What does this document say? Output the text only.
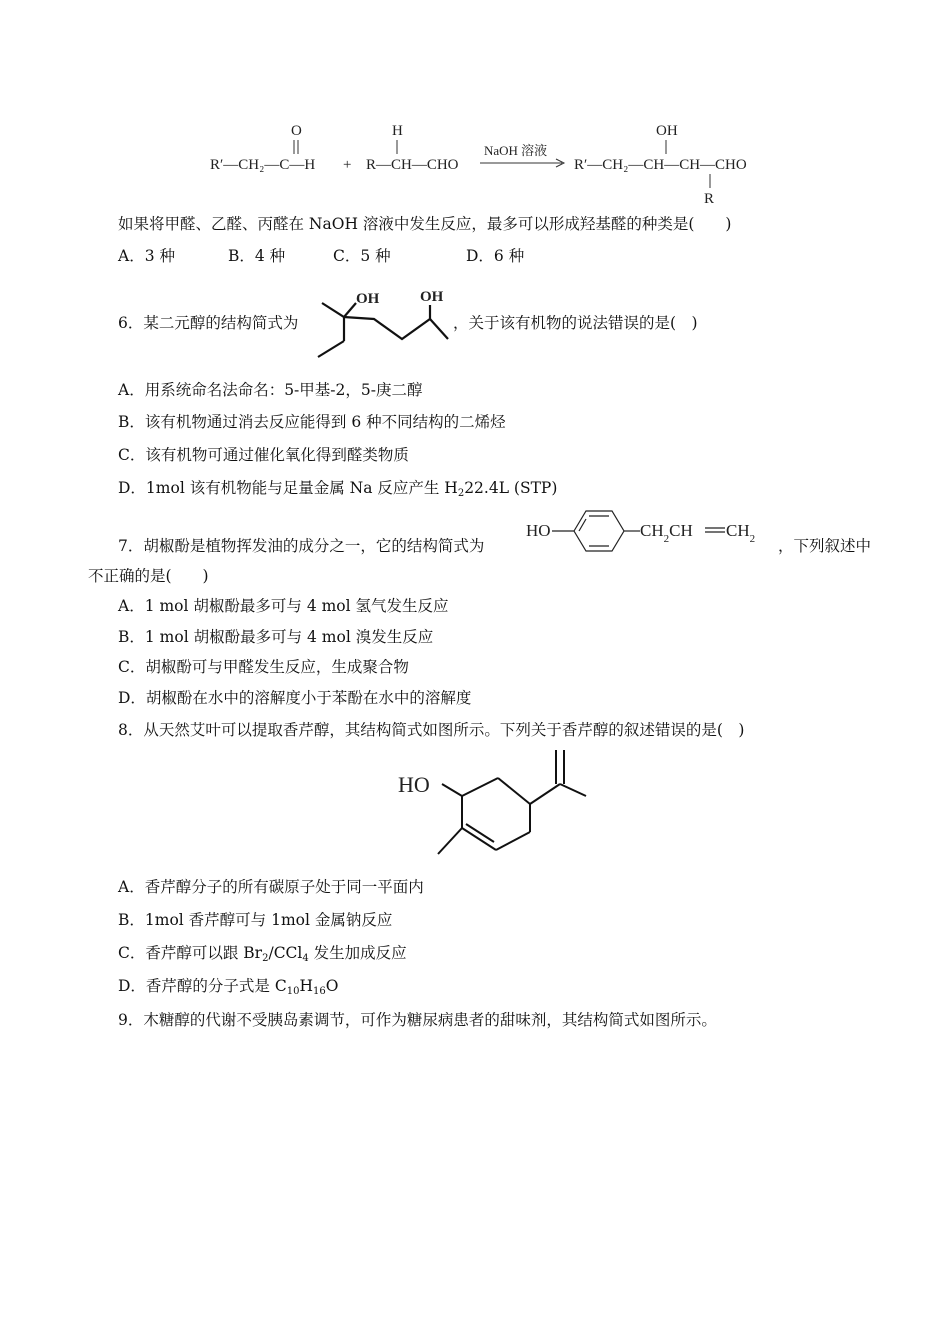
O
R′—CH₂—C—H +
H
R—CH—CHO
NaOH 溶液
OH
R′—CH₂—CH—CH—CHO
R
如果将甲醛、乙醛、丙醛在 NaOH 溶液中发生反应，最多可以形成羟基醛的种类是(　　)
A．3 种	B．4 种	C．5 种	D．6 种
6．某二元醇的结构简式为
OH	OH
，关于该有机物的说法错误的是(　)
A．用系统命名法命名：5-甲基-2，5-庚二醇
B．该有机物通过消去反应能得到 6 种不同结构的二烯烃
C．该有机物可通过催化氧化得到醛类物质
D．1mol 该有机物能与足量金属 Na 反应产生 $H_222.4L$ (STP)
7．胡椒酚是植物挥发油的成分之一，它的结构简式为
HO	$CH_2CH$ $CH_2$ ，下列叙述中
不正确的是(　　)
A．1 mol 胡椒酚最多可与 4 mol 氢气发生反应
B．1 mol 胡椒酚最多可与 4 mol 溴发生反应
C．胡椒酚可与甲醛发生反应，生成聚合物
D．胡椒酚在水中的溶解度小于苯酚在水中的溶解度
8．从天然艾叶可以提取香芹醇，其结构简式如图所示。下列关于香芹醇的叙述错误的是(　)
HO
A．香芹醇分子的所有碳原子处于同一平面内
B．1mol 香芹醇可与 1mol 金属钠反应
C．香芹醇可以跟 $Br_2/CCl_4$ 发生加成反应
D．香芹醇的分子式是 $C_{10}H_{16}O$
9．木糖醇的代谢不受胰岛素调节，可作为糖尿病患者的甜味剂，其结构简式如图所示。
